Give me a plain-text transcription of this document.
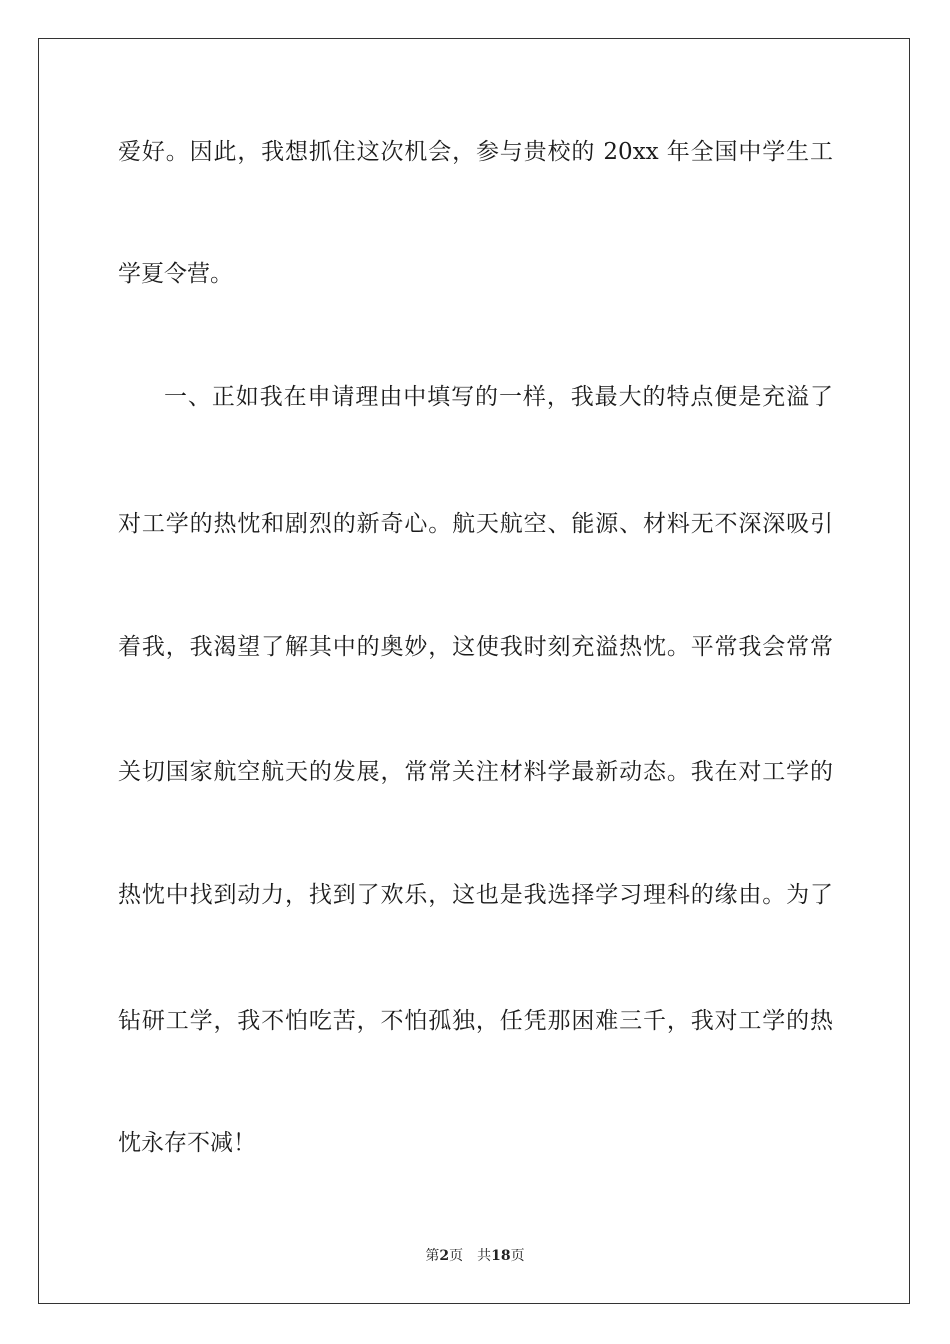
爱好。因此，我想抓住这次机会，参与贵校的 20xx 年全国中学生工
学夏令营。
一、正如我在申请理由中填写的一样，我最大的特点便是充溢了
对工学的热忱和剧烈的新奇心。航天航空、能源、材料无不深深吸引
着我，我渴望了解其中的奥妙，这使我时刻充溢热忱。平常我会常常
关切国家航空航天的发展，常常关注材料学最新动态。我在对工学的
热忱中找到动力，找到了欢乐，这也是我选择学习理科的缘由。为了
钻研工学，我不怕吃苦，不怕孤独，任凭那困难三千，我对工学的热
忱永存不减！
第2页 共18页
